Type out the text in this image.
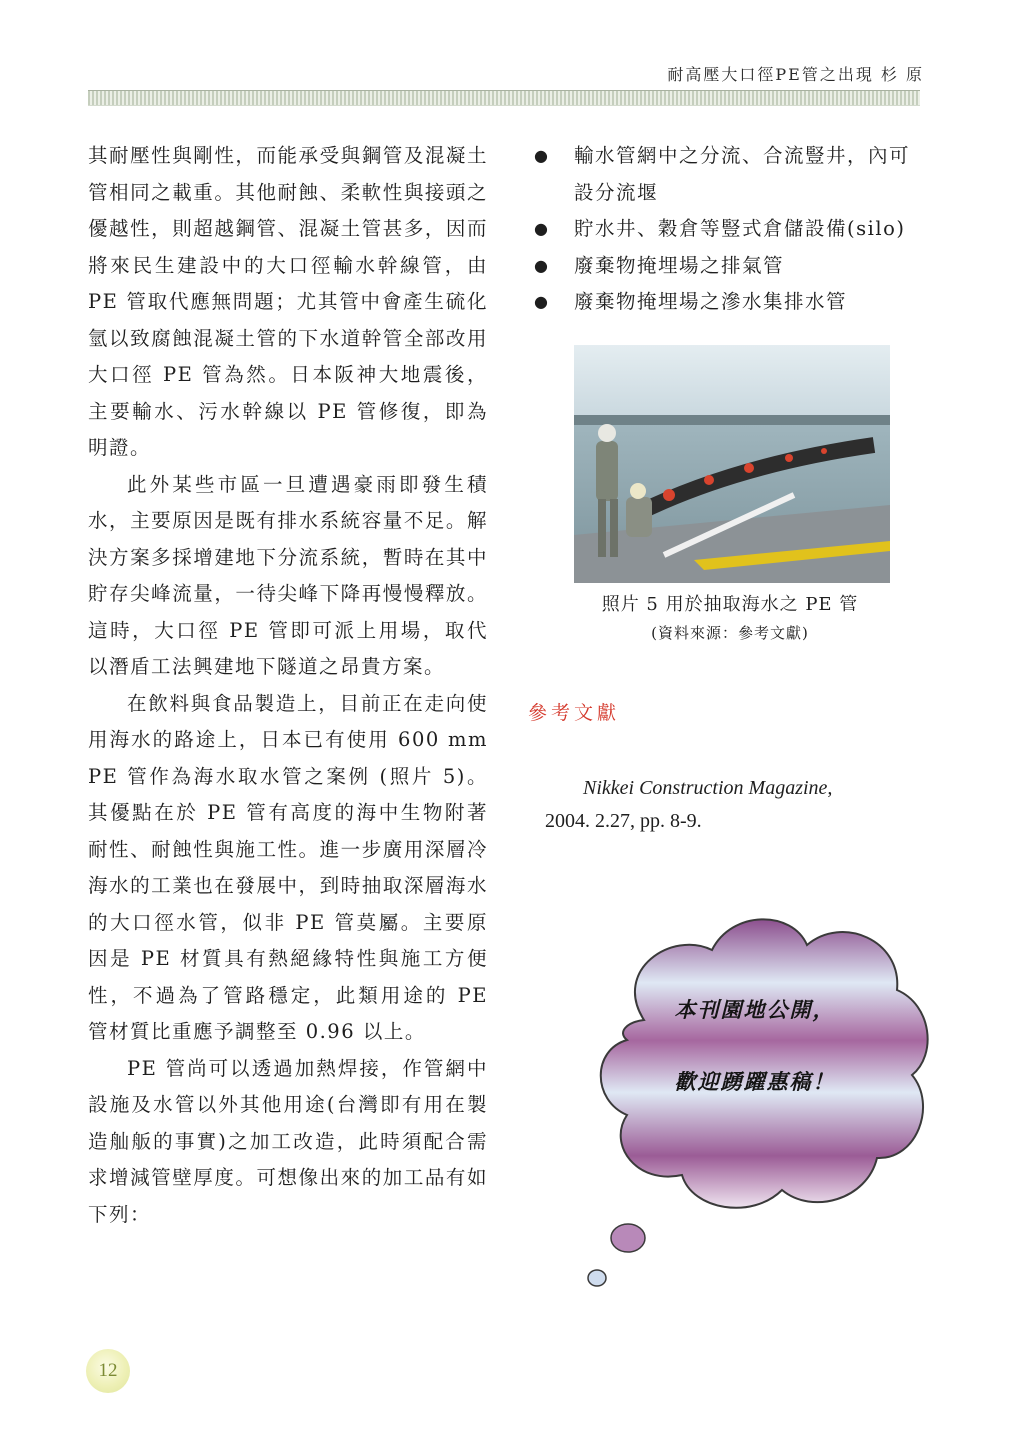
耐高壓大口徑PE管之出現 杉 原

其耐壓性與剛性，而能承受與鋼管及混凝土管相同之載重。其他耐蝕、柔軟性與接頭之優越性，則超越鋼管、混凝土管甚多，因而將來民生建設中的大口徑輸水幹線管，由 PE 管取代應無問題；尤其管中會產生硫化氫以致腐蝕混凝土管的下水道幹管全部改用大口徑 PE 管為然。日本阪神大地震後，主要輸水、污水幹線以 PE 管修復，即為明證。

此外某些市區一旦遭遇豪雨即發生積水，主要原因是既有排水系統容量不足。解決方案多採增建地下分流系統，暫時在其中貯存尖峰流量，一待尖峰下降再慢慢釋放。這時，大口徑 PE 管即可派上用場，取代以潛盾工法興建地下隧道之昂貴方案。

在飲料與食品製造上，目前正在走向使用海水的路途上，日本已有使用 600 mm PE 管作為海水取水管之案例 (照片 5)。其優點在於 PE 管有高度的海中生物附著耐性、耐蝕性與施工性。進一步廣用深層冷海水的工業也在發展中，到時抽取深層海水的大口徑水管，似非 PE 管莫屬。主要原因是 PE 材質具有熱絕緣特性與施工方便性，不過為了管路穩定，此類用途的 PE 管材質比重應予調整至 0.96 以上。

PE 管尚可以透過加熱焊接，作管網中設施及水管以外其他用途(台灣即有用在製造舢舨的事實)之加工改造，此時須配合需求增減管壁厚度。可想像出來的加工品有如下列：

● 輸水管網中之分流、合流豎井，內可設分流堰
● 貯水井、穀倉等豎式倉儲設備(silo)
● 廢棄物掩埋場之排氣管
● 廢棄物掩埋場之滲水集排水管
照片 5 用於抽取海水之 PE 管
(資料來源：參考文獻)
參考文獻
Nikkei Construction Magazine,
2004. 2.27, pp. 8-9.
本刊園地公開，
歡迎踴躍惠稿！
12
